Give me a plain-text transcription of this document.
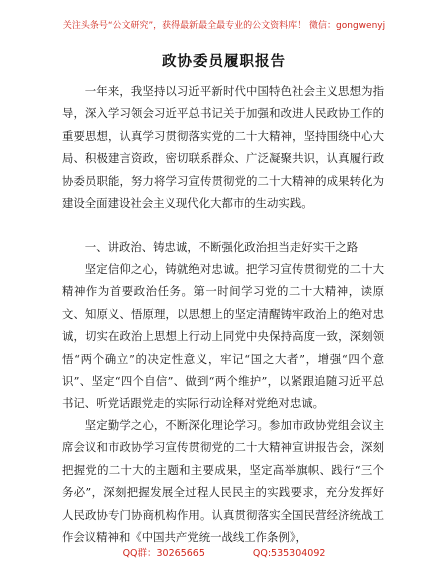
关注头条号“公文研究”，获得最新最全最专业的公文资料库！ 微信：gongwenyj
政协委员履职报告

一年来，我坚持以习近平新时代中国特色社会主义思想为指导，深入学习领会习近平总书记关于加强和改进人民政协工作的重要思想，认真学习贯彻落实党的二十大精神，坚持围绕中心大局、积极建言资政，密切联系群众、广泛凝聚共识，认真履行政协委员职能，努力将学习宣传贯彻党的二十大精神的成果转化为建设全面建设社会主义现代化大都市的生动实践。

一、讲政治、铸忠诚，不断强化政治担当走好实干之路

坚定信仰之心，铸就绝对忠诚。把学习宣传贯彻党的二十大精神作为首要政治任务。第一时间学习党的二十大精神，读原文、知原义、悟原理，以思想上的坚定清醒铸牢政治上的绝对忠诚，切实在政治上思想上行动上同党中央保持高度一致，深刻领悟“两个确立”的决定性意义，牢记“国之大者”，增强“四个意识”、坚定“四个自信”、做到“两个维护”，以紧跟追随习近平总书记、听党话跟党走的实际行动诠释对党绝对忠诚。

坚定勤学之心，不断深化理论学习。参加市政协党组会议主席会议和市政协学习宣传贯彻党的二十大精神宣讲报告会，深刻把握党的二十大的主题和主要成果，坚定高举旗帜、践行“三个务必”，深刻把握发展全过程人民民主的实践要求，充分发挥好人民政协专门协商机构作用。认真贯彻落实全国民营经济统战工作会议精神和《中国共产党统一战线工作条例》，

QQ群：30265665	QQ:535304092
